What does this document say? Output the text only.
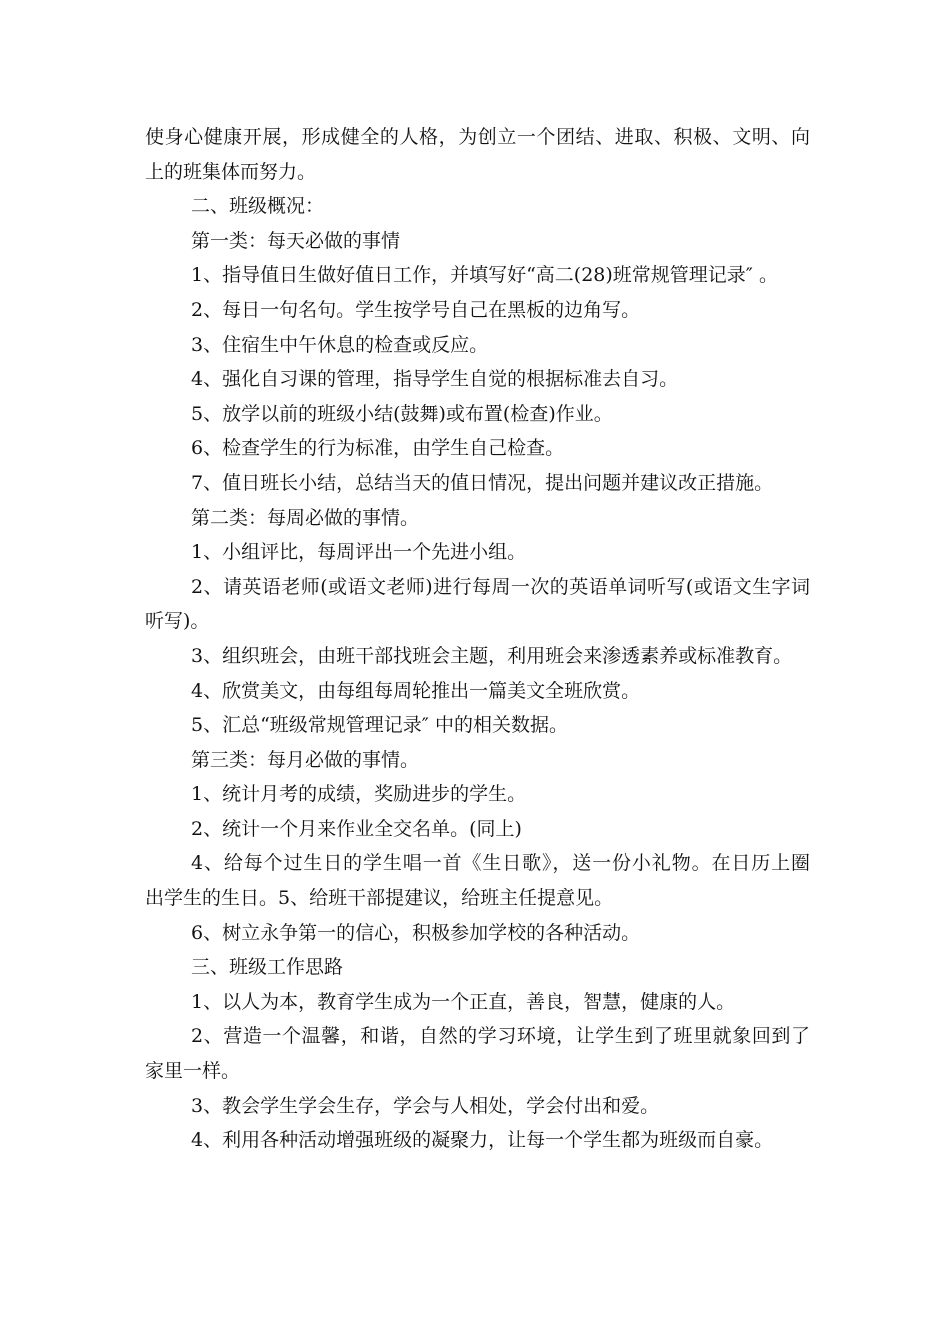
使身心健康开展，形成健全的人格，为创立一个团结、进取、积极、文明、向
上的班集体而努力。
二、班级概况：
第一类：每天必做的事情
1、指导值日生做好值日工作，并填写好“高二(28)班常规管理记录″ 。
2、每日一句名句。学生按学号自己在黑板的边角写。
3、住宿生中午休息的检查或反应。
4、强化自习课的管理，指导学生自觉的根据标准去自习。
5、放学以前的班级小结(鼓舞)或布置(检查)作业。
6、检查学生的行为标准，由学生自己检查。
7、值日班长小结，总结当天的值日情况，提出问题并建议改正措施。
第二类：每周必做的事情。
1、小组评比，每周评出一个先进小组。
2、请英语老师(或语文老师)进行每周一次的英语单词听写(或语文生字词
听写)。
3、组织班会，由班干部找班会主题，利用班会来渗透素养或标准教育。
4、欣赏美文，由每组每周轮推出一篇美文全班欣赏。
5、汇总“班级常规管理记录″ 中的相关数据。
第三类：每月必做的事情。
1、统计月考的成绩，奖励进步的学生。
2、统计一个月来作业全交名单。(同上)
4、给每个过生日的学生唱一首《生日歌》，送一份小礼物。在日历上圈
出学生的生日。5、给班干部提建议，给班主任提意见。
6、树立永争第一的信心，积极参加学校的各种活动。
三、班级工作思路
1、以人为本，教育学生成为一个正直，善良，智慧，健康的人。
2、营造一个温馨，和谐，自然的学习环境，让学生到了班里就象回到了
家里一样。
3、教会学生学会生存，学会与人相处，学会付出和爱。
4、利用各种活动增强班级的凝聚力，让每一个学生都为班级而自豪。
